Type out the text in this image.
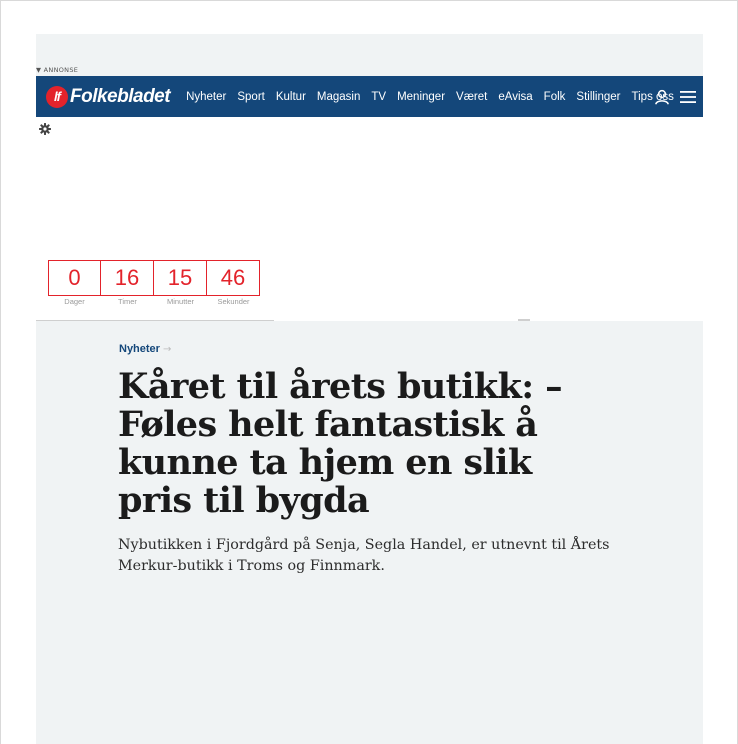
▼ ANNONSE
lf Folkebladet Nyheter Sport Kultur Magasin TV Meninger Været eAvisa Folk Stillinger Tips oss
0
Dager
16
Timer
15
Minutter
46
Sekunder
Nyheter →
Kåret til årets butikk: – Føles helt fantastisk å kunne ta hjem en slik pris til bygda

Nybutikken i Fjordgård på Senja, Segla Handel, er utnevnt til Årets Merkur-butikk i Troms og Finnmark.
